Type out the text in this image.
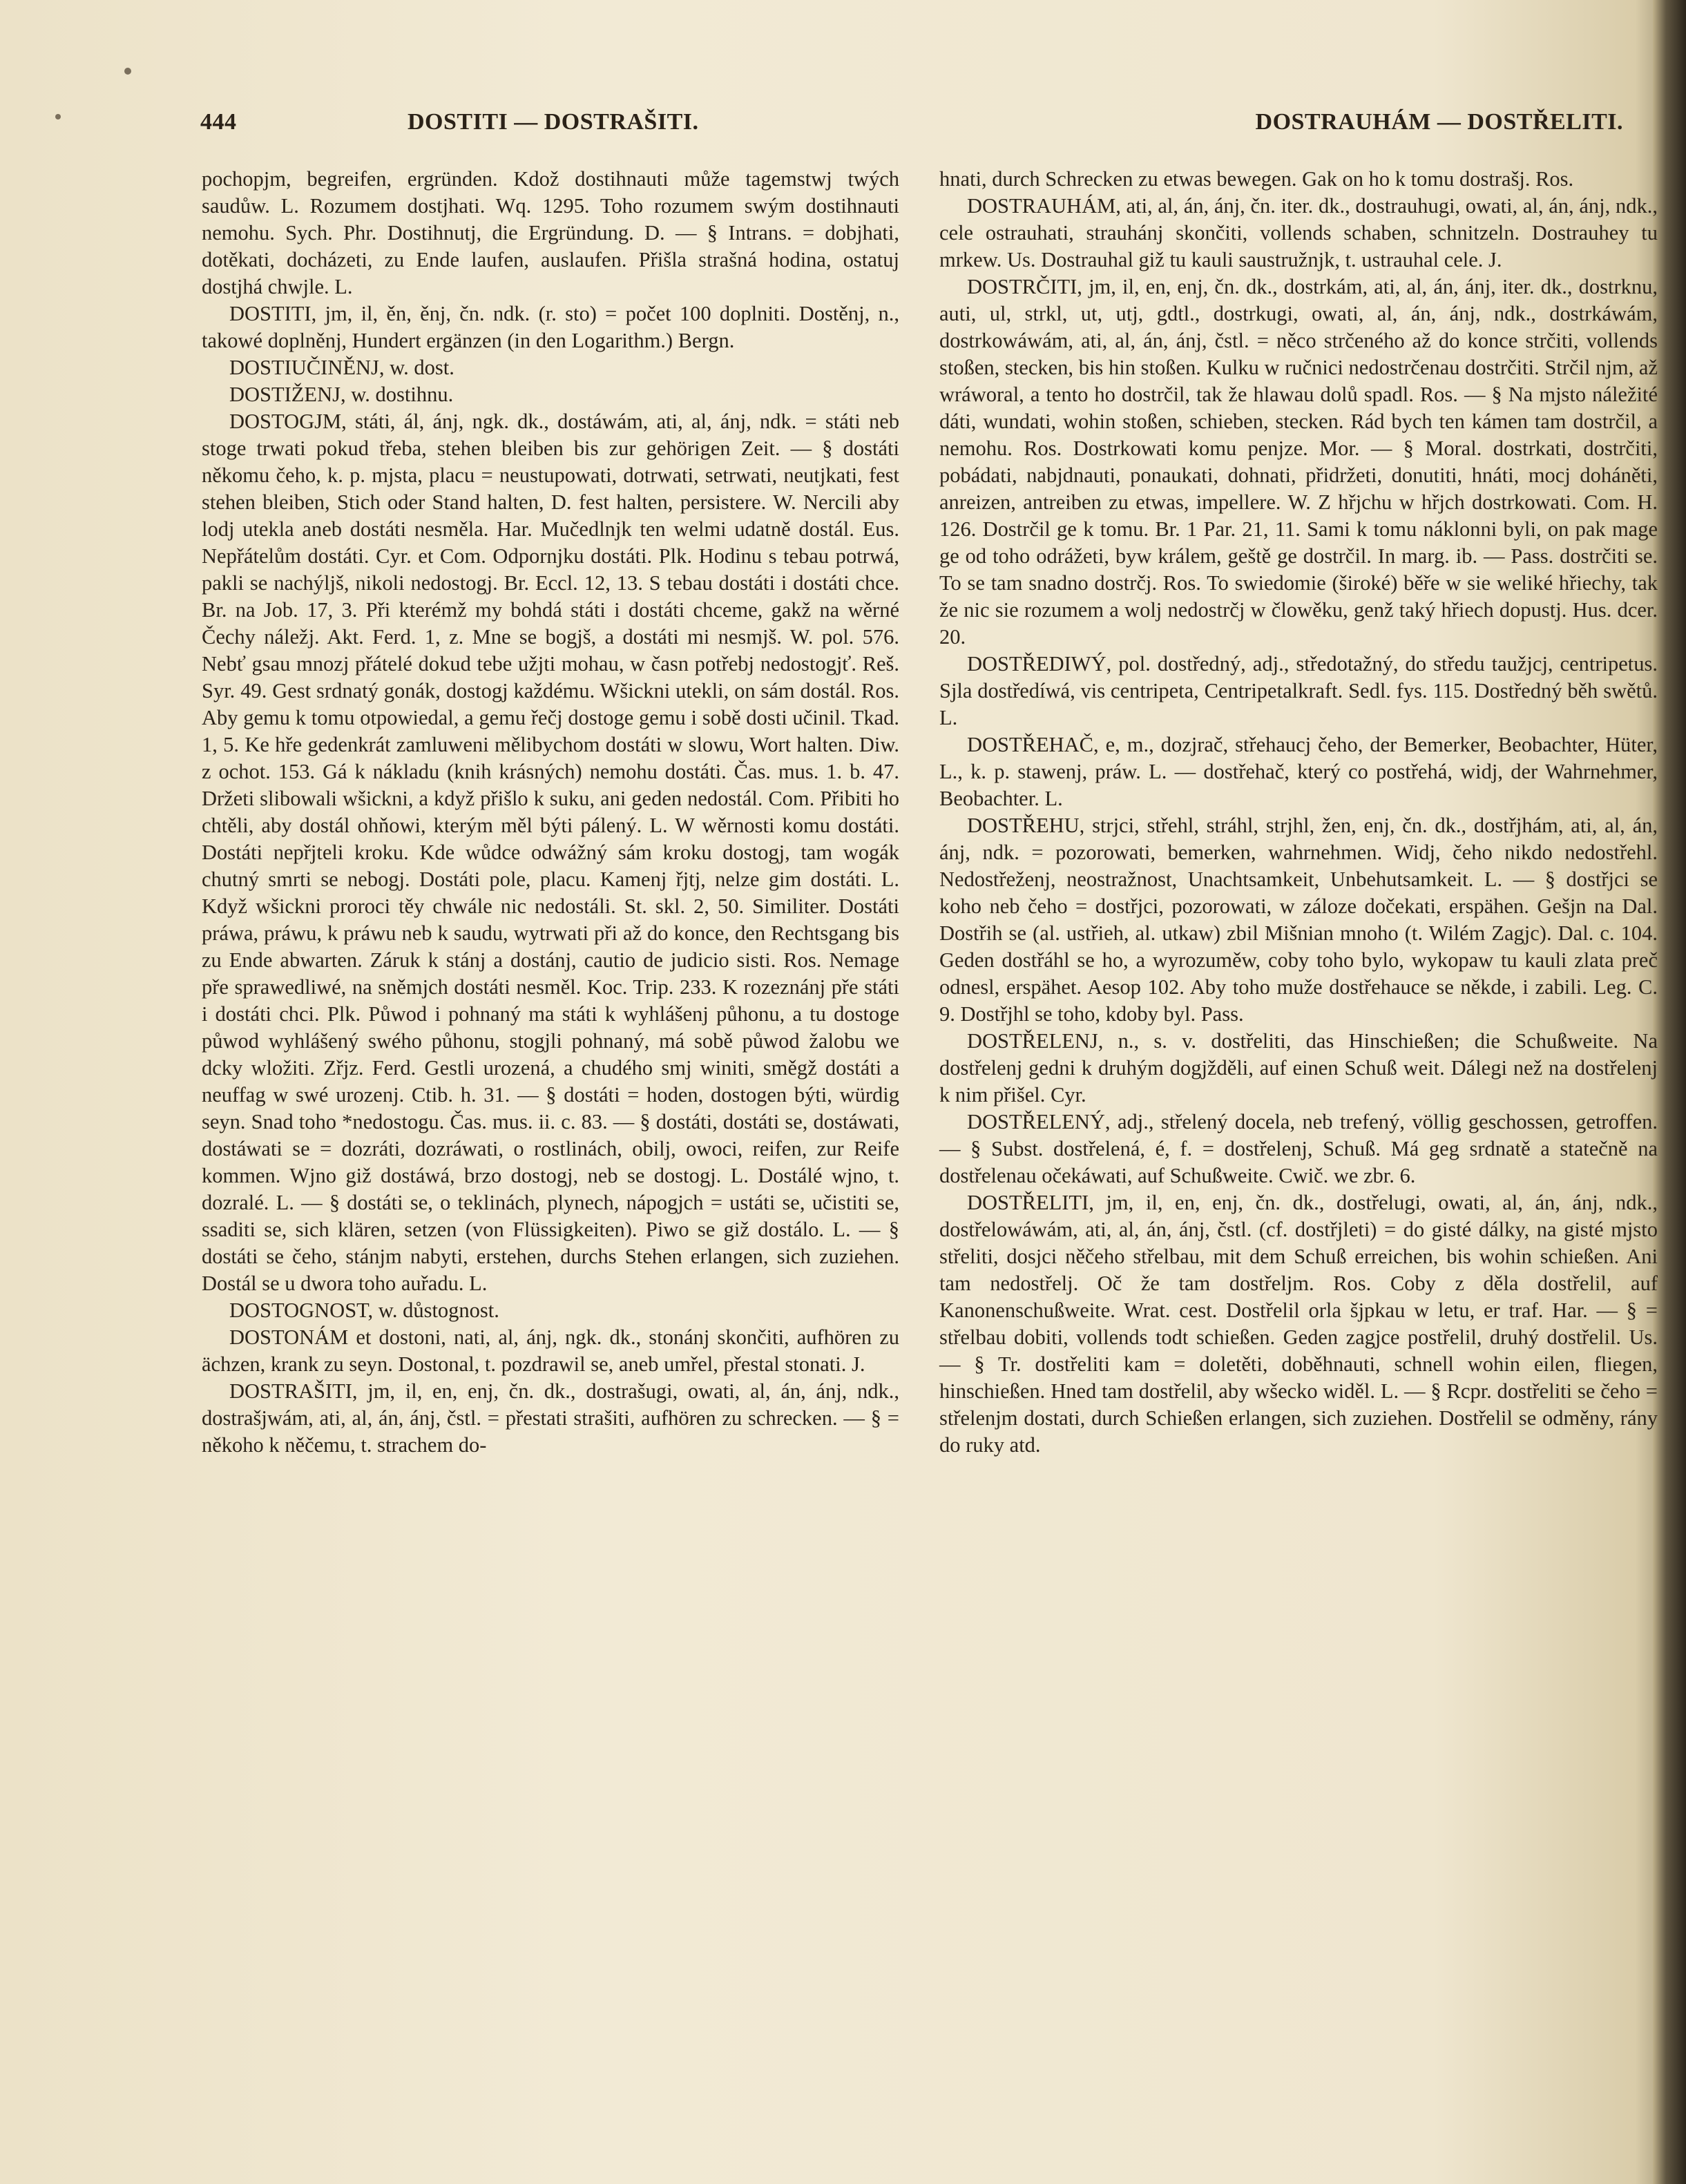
444	DOSTITI — DOSTRAŠITI.	DOSTRAUHÁM — DOSTŘELITI.

pochopjm, begreifen, ergründen. Kdož dostihnauti může tagemstwj twých saudůw. L. Rozumem dostjhati. Wq. 1295. Toho rozumem swým dostihnauti nemohu. Sych. Phr. Dostihnutj, die Ergründung. D. — § Intrans. = dobjhati, dotěkati, docházeti, zu Ende laufen, auslaufen. Přišla strašná hodina, ostatuj dostjhá chwjle. L.

DOSTITI, jm, il, ěn, ěnj, čn. ndk. (r. sto) = počet 100 doplniti. Dostěnj, n., takowé doplněnj, Hundert ergänzen (in den Logarithm.) Bergn.

DOSTIUČINĚNJ, w. dost.

DOSTIŽENJ, w. dostihnu.

DOSTOGJM, státi, ál, ánj, ngk. dk., dostáwám, ati, al, ánj, ndk. = státi neb stoge trwati pokud třeba, stehen bleiben bis zur gehörigen Zeit. — § dostáti někomu čeho, k. p. mjsta, placu = neustupowati, dotrwati, setrwati, neutjkati, fest stehen bleiben, Stich oder Stand halten, D. fest halten, persistere. W. Nercili aby lodj utekla aneb dostáti nesměla. Har. Mučedlnjk ten welmi udatně dostál. Eus. Nepřátelům dostáti. Cyr. et Com. Odpornjku dostáti. Plk. Hodinu s tebau potrwá, pakli se nachýljš, nikoli nedostogj. Br. Eccl. 12, 13. S tebau dostáti i dostáti chce. Br. na Job. 17, 3. Při kterémž my bohdá státi i dostáti chceme, gakž na wěrné Čechy náležj. Akt. Ferd. 1, z. Mne se bogjš, a dostáti mi nesmjš. W. pol. 576. Nebť gsau mnozj přátelé dokud tebe užjti mohau, w časn potřebj nedostogjť. Reš. Syr. 49. Gest srdnatý gonák, dostogj každému. Wšickni utekli, on sám dostál. Ros. Aby gemu k tomu otpowiedal, a gemu řečj dostoge gemu i sobě dosti učinil. Tkad. 1, 5. Ke hře gedenkrát zamluweni mělibychom dostáti w slowu, Wort halten. Diw. z ochot. 153. Gá k nákladu (knih krásných) nemohu dostáti. Čas. mus. 1. b. 47. Držeti slibowali wšickni, a když přišlo k suku, ani geden nedostál. Com. Přibiti ho chtěli, aby dostál ohňowi, kterým měl býti pálený. L. W wěrnosti komu dostáti. Dostáti nepřjteli kroku. Kde wůdce odwážný sám kroku dostogj, tam wogák chutný smrti se nebogj. Dostáti pole, placu. Kamenj řjtj, nelze gim dostáti. L. Když wšickni proroci těy chwále nic nedostáli. St. skl. 2, 50. Similiter. Dostáti práwa, práwu, k práwu neb k saudu, wytrwati při až do konce, den Rechtsgang bis zu Ende abwarten. Záruk k stánj a dostánj, cautio de judicio sisti. Ros. Nemage pře sprawedliwé, na sněmjch dostáti nesměl. Koc. Trip. 233. K rozeznánj pře státi i dostáti chci. Plk. Půwod i pohnaný ma státi k wyhlášenj půhonu, a tu dostoge půwod wyhlášený swého půhonu, stogjli pohnaný, má sobě půwod žalobu we dcky wložiti. Zřjz. Ferd. Gestli urozená, a chudého smj winiti, směgž dostáti a neuffag w swé urozenj. Ctib. h. 31. — § dostáti = hoden, dostogen býti, würdig seyn. Snad toho *nedostogu. Čas. mus. ii. c. 83. — § dostáti, dostáti se, dostáwati, dostáwati se = dozráti, dozráwati, o rostlinách, obilj, owoci, reifen, zur Reife kommen. Wjno giž dostáwá, brzo dostogj, neb se dostogj. L. Dostálé wjno, t. dozralé. L. — § dostáti se, o teklinách, plynech, nápogjch = ustáti se, učistiti se, ssaditi se, sich klären, setzen (von Flüssigkeiten). Piwo se giž dostálo. L. — § dostáti se čeho, stánjm nabyti, erstehen, durchs Stehen erlangen, sich zuziehen. Dostál se u dwora toho auřadu. L.

DOSTOGNOST, w. důstognost.

DOSTONÁM et dostoni, nati, al, ánj, ngk. dk., stonánj skončiti, aufhören zu ächzen, krank zu seyn. Dostonal, t. pozdrawil se, aneb umřel, přestal stonati. J.

DOSTRAŠITI, jm, il, en, enj, čn. dk., dostrašugi, owati, al, án, ánj, ndk., dostrašjwám, ati, al, án, ánj, čstl. = přestati strašiti, aufhören zu schrecken. — § = někoho k něčemu, t. strachem do-

hnati, durch Schrecken zu etwas bewegen. Gak on ho k tomu dostrašj. Ros.

DOSTRAUHÁM, ati, al, án, ánj, čn. iter. dk., dostrauhugi, owati, al, án, ánj, ndk., cele ostrauhati, strauhánj skončiti, vollends schaben, schnitzeln. Dostrauhey tu mrkew. Us. Dostrauhal giž tu kauli saustružnjk, t. ustrauhal cele. J.

DOSTRČITI, jm, il, en, enj, čn. dk., dostrkám, ati, al, án, ánj, iter. dk., dostrknu, auti, ul, strkl, ut, utj, gdtl., dostrkugi, owati, al, án, ánj, ndk., dostrkáwám, dostrkowáwám, ati, al, án, ánj, čstl. = něco strčeného až do konce strčiti, vollends stoßen, stecken, bis hin stoßen. Kulku w ručnici nedostrčenau dostrčiti. Strčil njm, až wráworal, a tento ho dostrčil, tak že hlawau dolů spadl. Ros. — § Na mjsto náležité dáti, wundati, wohin stoßen, schieben, stecken. Rád bych ten kámen tam dostrčil, a nemohu. Ros. Dostrkowati komu penjze. Mor. — § Moral. dostrkati, dostrčiti, pobádati, nabjdnauti, ponaukati, dohnati, přidržeti, donutiti, hnáti, mocj doháněti, anreizen, antreiben zu etwas, impellere. W. Z hřjchu w hřjch dostrkowati. Com. H. 126. Dostrčil ge k tomu. Br. 1 Par. 21, 11. Sami k tomu náklonni byli, on pak mage ge od toho odrážeti, byw králem, geště ge dostrčil. In marg. ib. — Pass. dostrčiti se. To se tam snadno dostrčj. Ros. To swiedomie (široké) běře w sie weliké hřiechy, tak že nic sie rozumem a wolj nedostrčj w člowěku, genž taký hřiech dopustj. Hus. dcer. 20.

DOSTŘEDIWÝ, pol. dostředný, adj., středotažný, do středu taužjcj, centripetus. Sjla dostředíwá, vis centripeta, Centripetalkraft. Sedl. fys. 115. Dostředný běh swětů. L.

DOSTŘEHAČ, e, m., dozjrač, střehaucj čeho, der Bemerker, Beobachter, Hüter, L., k. p. stawenj, práw. L. — dostřehač, který co postřehá, widj, der Wahrnehmer, Beobachter. L.

DOSTŘEHU, strjci, střehl, stráhl, strjhl, žen, enj, čn. dk., dostřjhám, ati, al, án, ánj, ndk. = pozorowati, bemerken, wahrnehmen. Widj, čeho nikdo nedostřehl. Nedostřeženj, neostražnost, Unachtsamkeit, Unbehutsamkeit. L. — § dostřjci se koho neb čeho = dostřjci, pozorowati, w záloze dočekati, erspähen. Gešjn na Dal. Dostřih se (al. ustřieh, al. utkaw) zbil Mišnian mnoho (t. Wilém Zagjc). Dal. c. 104. Geden dostřáhl se ho, a wyrozuměw, coby toho bylo, wykopaw tu kauli zlata preč odnesl, erspähet. Aesop 102. Aby toho muže dostřehauce se někde, i zabili. Leg. C. 9. Dostřjhl se toho, kdoby byl. Pass.

DOSTŘELENJ, n., s. v. dostřeliti, das Hinschießen; die Schußweite. Na dostřelenj gedni k druhým dogjžděli, auf einen Schuß weit. Dálegi než na dostřelenj k nim přišel. Cyr.

DOSTŘELENÝ, adj., střelený docela, neb trefený, völlig geschossen, getroffen. — § Subst. dostřelená, é, f. = dostřelenj, Schuß. Má geg srdnatě a statečně na dostřelenau očekáwati, auf Schußweite. Cwič. we zbr. 6.

DOSTŘELITI, jm, il, en, enj, čn. dk., dostřelugi, owati, al, án, ánj, ndk., dostřelowáwám, ati, al, án, ánj, čstl. (cf. dostřjleti) = do gisté dálky, na gisté mjsto střeliti, dosjci něčeho střelbau, mit dem Schuß erreichen, bis wohin schießen. Ani tam nedostřelj. Oč že tam dostřeljm. Ros. Coby z děla dostřelil, auf Kanonenschußweite. Wrat. cest. Dostřelil orla šjpkau w letu, er traf. Har. — § = střelbau dobiti, vollends todt schießen. Geden zagjce postřelil, druhý dostřelil. Us. — § Tr. dostřeliti kam = doletěti, doběhnauti, schnell wohin eilen, fliegen, hinschießen. Hned tam dostřelil, aby wšecko widěl. L. — § Rcpr. dostřeliti se čeho = střelenjm dostati, durch Schießen erlangen, sich zuziehen. Dostřelil se odměny, rány do ruky atd.
